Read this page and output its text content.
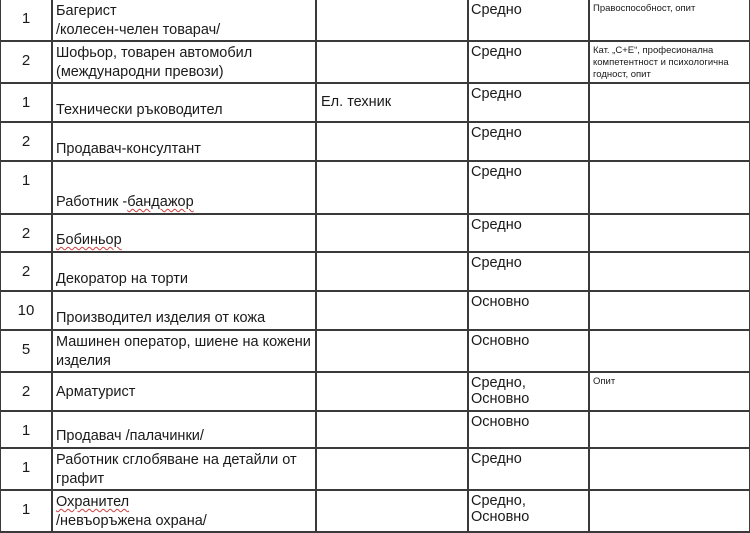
1	Багерист
/колесен-челен товарач/		Средно	Правоспособност, опит

2	Шофьор, товарен автомобил
(международни превози)		Средно	Кат. „С+Е“, професионална компетентност и психологична годност, опит

1	Технически ръководител	Ел. техник	Средно	

2	Продавач-консултант		Средно	

1	Работник -бандажор		Средно	

2	Бобиньор		Средно	

2	Декоратор на торти		Средно	

10	Производител изделия от кожа		Основно	

5	Машинен оператор, шиене на кожени
изделия		Основно	

2	Арматурист		Средно, Основно	Опит

1	Продавач /палачинки/		Основно	

1	Работник сглобяване на детайли от
графит		Средно	

1	Охранител
/невъоръжена охрана/		Средно, Основно	
